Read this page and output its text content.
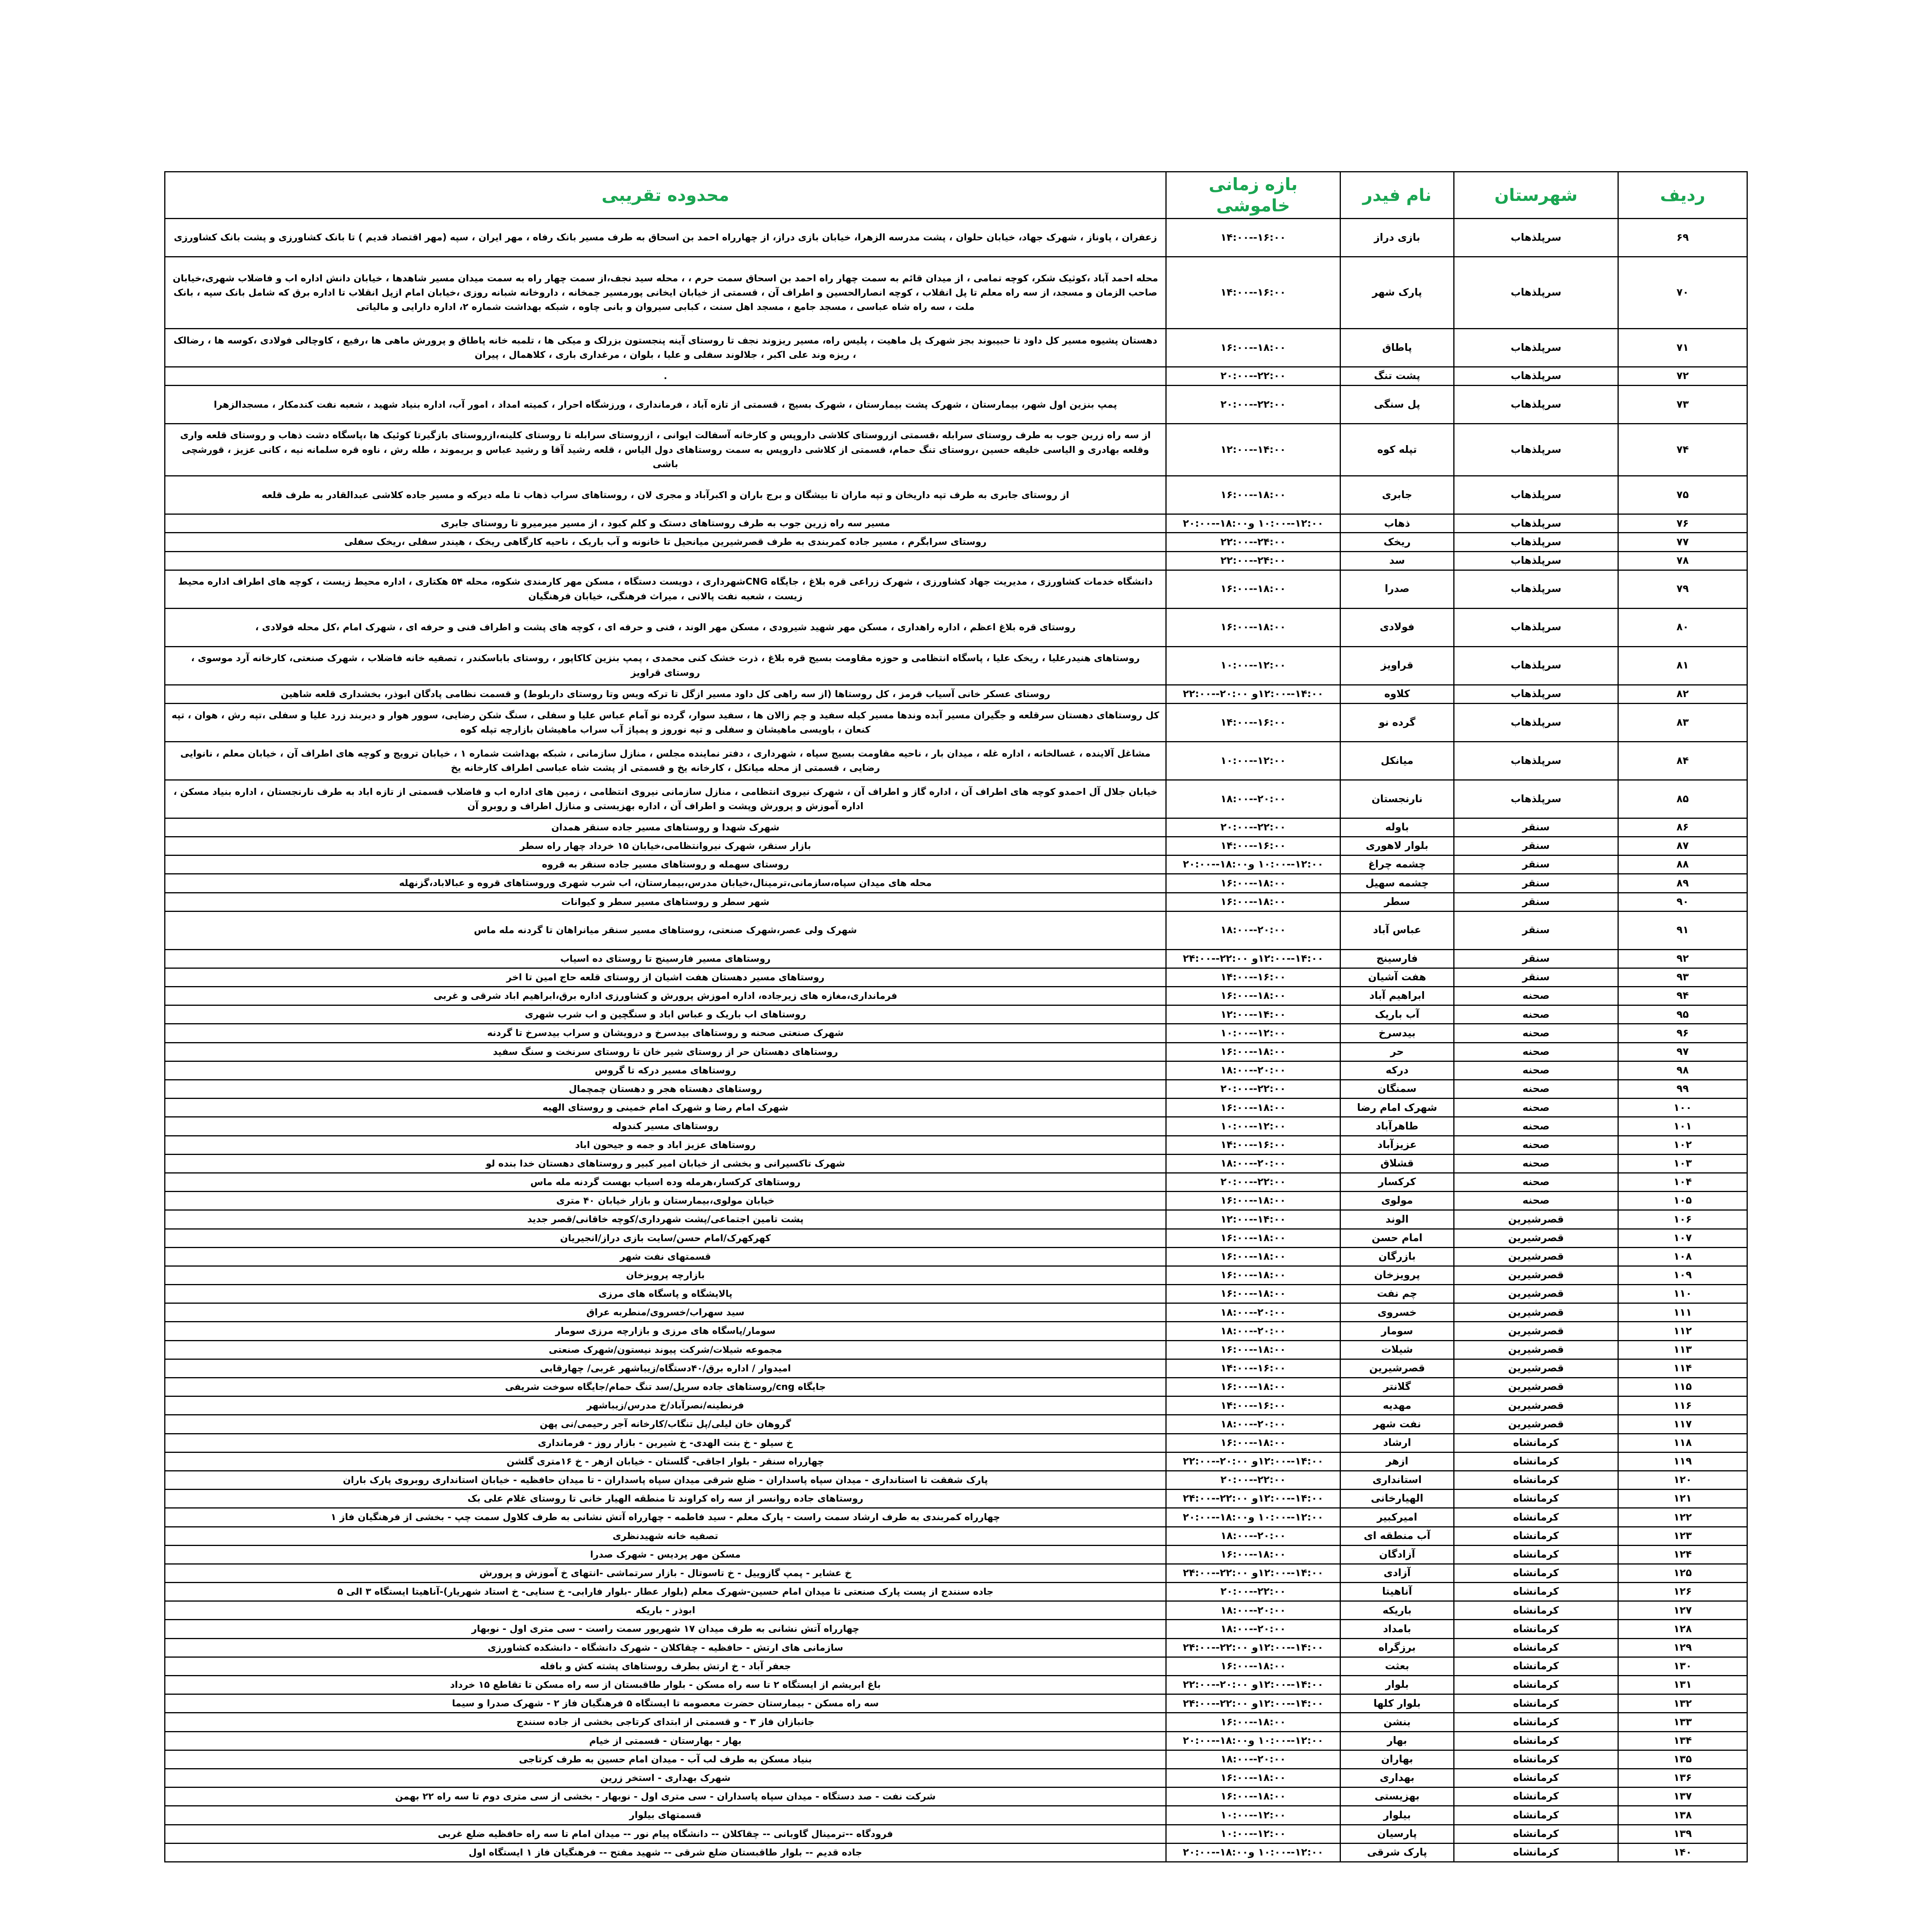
ردیف	شهرستان	نام فیدر	بازه زمانی خاموشی	محدوده تقریبی
۶۹	سرپلذهاب	بازی دراز	۱۶:۰۰--۱۴:۰۰	زعفران ، پاوناز ، شهرک جهاد، خیابان حلوان ، پشت مدرسه الزهرا، خیابان بازی دراز، از چهارراه احمد بن اسحاق به طرف مسیر بانک رفاه ، مهر ایران ، سپه (مهر اقتصاد قدیم ) تا بانک کشاورزی و پشت بانک کشاورزی
۷۰	سرپلذهاب	پارک شهر	۱۶:۰۰--۱۴:۰۰	محله احمد آباد ،کوثیک شکر، کوچه تمامی ، از میدان قائم به سمت چهار راه احمد بن اسحاق سمت حرم ، ، محله سید نجف،از سمت چهار راه به سمت میدان مسیر شاهدها ، خیابان دانش اداره اب و فاضلاب شهری،خیابان صاحب الزمان و مسجد، از سه راه معلم تا پل انقلاب ، کوچه انصارالحسین و اطراف آن ، قسمتی از خیابان ایخانی پورمسیر جمخانه ، داروخانه شبانه روزی ،خیابان امام ازپل انقلاب تا اداره برق که شامل بانک سپه ، بانک ملت ، سه راه شاه عباسی ، مسجد جامع ، مسجد اهل سنت ، کبابی سیروان و بانی چاوه ، شبکه بهداشت شماره ۲، اداره دارایی و مالیاتی
۷۱	سرپلذهاب	پاطاق	۱۸:۰۰--۱۶:۰۰	دهستان پشیوه مسیر کل داود تا حبیبوند بجز شهرک پل ماهیت ، پلیس راه، مسیر ریزوند نجف تا روستای آینه پنجستون بزرلک و میکی ها ، تلمبه خانه پاطاق و پرورش ماهی ها ،رفیع ، کاوچالی فولادی ،کوسه ها ، رضالک ، ریزه وند علی اکبر ، جلالوند سفلی و علیا ، بلوان ، مرغداری باری ، کلاهمال ، پیران
۷۲	سرپلذهاب	پشت تنگ	۲۲:۰۰--۲۰:۰۰	.
۷۳	سرپلذهاب	پل سنگی	۲۲:۰۰--۲۰:۰۰	پمپ بنزین اول شهر، بیمارستان ، شهرک پشت بیمارستان ، شهرک بسیج ، قسمتی از تازه آباد ، فرمانداری ، ورزشگاه احرار ، کمیته امداد ، امور آب، اداره بنیاد شهید ، شعبه نفت کندمکار ، مسجدالزهرا
۷۴	سرپلذهاب	تپله کوه	۱۴:۰۰--۱۲:۰۰	از سه راه زرین جوب به طرف روستای سرابله ،قسمتی ازروستای کلاشی داروپس و کارخانه آسفالت ایوانی ، ازروستای سرابله تا روستای کلینه،ازروستای بازگیرتا کوئیک ها ،پاسگاه دشت ذهاب و روستای قلعه واری وقلعه بهادری و الیاسی خلیفه حسین ،روستای تنگ حمام، قسمتی از کلاشی داروپس به سمت روستاهای دول الیاس ، قلعه رشید آقا و رشید عباس و بریموند ، طله رش ، ناوه قره سلمانه نیه ، کانی عزیز ، قورشچی باشی
۷۵	سرپلذهاب	جابری	۱۸:۰۰--۱۶:۰۰	از روستای جابری به طرف تپه داریخان و تپه ماران تا بیشگان و برج باران و اکبرآباد و مجری لان ، روستاهای سراب ذهاب تا مله دیرکه و مسیر جاده کلاشی عبدالقادر به طرف قلعه
۷۶	سرپلذهاب	ذهاب	۱۲:۰۰--۱۰:۰۰ و۱۸:۰۰--۲۰:۰۰	مسیر سه راه زرین جوب به طرف روستاهای دستک و کلم کبود ، از مسیر میرمیرو تا روستای جابری
۷۷	سرپلذهاب	ریخک	۲۴:۰۰--۲۲:۰۰	روستای سرابگرم ، مسیر جاده کمربندی به طرف قصرشیرین میانحیل تا خانونه و آب باریک ، ناحیه کارگاهی ریخک ، هیندر سفلی ،ریخک سفلی
۷۸	سرپلذهاب	سد	۲۴:۰۰--۲۲:۰۰	
۷۹	سرپلذهاب	صدرا	۱۸:۰۰--۱۶:۰۰	دانشگاه خدمات کشاورزی ، مدیریت جهاد کشاورزی ، شهرک زراعی قره بلاغ ، جایگاه CNGشهرداری ، دویست دستگاه ، مسکن مهر کارمندی شکوه، محله ۵۴ هکتاری ، اداره محیط زیست ، کوچه های اطراف اداره محیط زیست ، شعبه نفت پالانی ، میراث فرهنگی، خیابان فرهنگیان
۸۰	سرپلذهاب	فولادی	۱۸:۰۰--۱۶:۰۰	روستای قره بلاغ اعظم ، اداره راهداری ، مسکن مهر شهید شیرودی ، مسکن مهر الوند ، فنی و حرفه ای ، کوچه های پشت و اطراف فنی و حرفه ای ، شهرک امام ،کل محله فولادی ،
۸۱	سرپلذهاب	قراویز	۱۲:۰۰--۱۰:۰۰	روستاهای هنیدرعلیا ، ریخک علیا ، پاسگاه انتظامی و حوزه مقاومت بسیج قره بلاغ ، ذرت خشک کنی محمدی ، پمپ بنزین کاکاپور ، روستای باباسکندر ، تصفیه خانه فاضلاب ، شهرک صنعتی، کارخانه آرد موسوی ، روستای قراویز
۸۲	سرپلذهاب	کلاوه	۱۴:۰۰--۱۲:۰۰و ۲۰:۰۰--۲۲:۰۰	روستای عسکر خانی آسیاب قرمز ، کل روستاها (از سه راهی کل داود مسیر ازگل تا ترکه ویس وتا روستای داربلوط) و قسمت نظامی پادگان ابوذر، بخشداری قلعه شاهین
۸۳	سرپلذهاب	گرده نو	۱۶:۰۰--۱۴:۰۰	کل روستاهای دهستان سرقلعه و جگیران مسیر آبده وندها مسیر کیله سفید و چم زالان ها ، سفید سوار، گرده نو آمام عباس علیا و سفلی ، سنگ شکن رضایی، سوور هوار و دیربند زرد علیا و سفلی ،تپه رش ، هوان ، تپه کنعان ، باویسی ماهیشان و سفلی و تپه نوروز و پمپاژ آب سراب ماهیشان بازارچه تپله کوه
۸۴	سرپلذهاب	میانکل	۱۲:۰۰--۱۰:۰۰	مشاغل آلاینده ، غسالخانه ، اداره غله ، میدان بار ، ناحیه مقاومت بسیج سپاه ، شهرداری ، دفتر نماینده مجلس ، منازل سازمانی ، شبکه بهداشت شماره ۱ ، خیابان ترویج و کوچه های اطراف آن ، خیابان معلم ، نانوایی رضایی ، قسمتی از محله میانکل ، کارخانه یخ و قسمتی از پشت شاه عباسی اطراف کارخانه یخ
۸۵	سرپلذهاب	نارنجستان	۲۰:۰۰--۱۸:۰۰	خیابان جلال آل احمدو کوچه های اطراف آن ، اداره گاز و اطراف آن ، شهرک نیروی انتظامی ، منازل سازمانی نیروی انتظامی ، زمین های اداره اب و فاضلاب قسمتی از تازه اباد به طرف نارنجستان ، اداره بنیاد مسکن ، اداره آموزش و پرورش وپشت و اطراف آن ، اداره بهزیستی و منازل اطراف و روبرو آن
۸۶	سنقر	باوله	۲۲:۰۰--۲۰:۰۰	شهرک شهدا و روستاهای مسیر جاده سنقر همدان
۸۷	سنقر	بلوار لاهوری	۱۶:۰۰--۱۴:۰۰	بازار سنقر، شهرک نیروانتظامی،خیابان ۱۵ خرداد چهار راه سطر
۸۸	سنقر	چشمه چراغ	۱۲:۰۰--۱۰:۰۰ و۱۸:۰۰--۲۰:۰۰	روستای سهمله و روستاهای مسیر جاده سنقر به قروه
۸۹	سنقر	چشمه سهیل	۱۸:۰۰--۱۶:۰۰	محله های میدان سپاه،سازمانی،ترمینال،خیابان مدرس،بیمارستان، اب شرب شهری وروستاهای قروه و عبالاباد،گزنهله
۹۰	سنقر	سطر	۱۸:۰۰--۱۶:۰۰	شهر سطر و روستاهای مسیر سطر و کیوانات
۹۱	سنقر	عباس آباد	۲۰:۰۰--۱۸:۰۰	شهرک ولی عصر،شهرک صنعتی، روستاهای مسیر سنقر میانراهان تا گردنه مله ماس
۹۲	سنقر	فارسینج	۱۴:۰۰--۱۲:۰۰و ۲۲:۰۰--۲۴:۰۰	روستاهای مسیر فارسینج تا روستای ده اسیاب
۹۳	سنقر	هفت آشیان	۱۶:۰۰--۱۴:۰۰	روستاهای مسیر دهستان هفت اشیان از روستای قلعه حاج امین تا اخر
۹۴	صحنه	ابراهیم آباد	۱۸:۰۰--۱۶:۰۰	فرمانداری،مغازه های زیرجاده، اداره اموزش پرورش و کشاورزی اداره برق،ابراهیم اباد شرقی و غربی
۹۵	صحنه	آب باریک	۱۴:۰۰--۱۲:۰۰	روستاهای اب باریک و عباس اباد و سنگچین و اب شرب شهری
۹۶	صحنه	بیدسرخ	۱۲:۰۰--۱۰:۰۰	شهرک صنعتی صحنه و روستاهای بیدسرخ و درویشان و سراب بیدسرخ تا گردنه
۹۷	صحنه	حر	۱۸:۰۰--۱۶:۰۰	روستاهای دهستان حر از روستای شیر خان تا روستای سرنخت و سنگ سفید
۹۸	صحنه	درکه	۲۰:۰۰--۱۸:۰۰	روستاهای مسیر درکه تا گروس
۹۹	صحنه	سمنگان	۲۲:۰۰--۲۰:۰۰	روستاهای دهستاه هجر و دهستان چمچمال
۱۰۰	صحنه	شهرک امام رضا	۱۸:۰۰--۱۶:۰۰	شهرک امام رضا و شهرک امام خمینی و روستای الهیه
۱۰۱	صحنه	طاهرآباد	۱۲:۰۰--۱۰:۰۰	روستاهای مسیر کندوله
۱۰۲	صحنه	عزیزآباد	۱۶:۰۰--۱۴:۰۰	روستاهای عزیز اباد و جمه و جیحون اباد
۱۰۳	صحنه	قشلاق	۲۰:۰۰--۱۸:۰۰	شهرک تاکسیرانی و بخشی از خیابان امیر کبیر و روستاهای دهستان خدا بنده لو
۱۰۴	صحنه	کرکسار	۲۲:۰۰--۲۰:۰۰	روستاهای کرکسار،هرمله وده اسیاب بهست گردنه مله ماس
۱۰۵	صحنه	مولوی	۱۸:۰۰--۱۶:۰۰	خیابان مولوی،بیمارستان و بازار خیابان ۴۰ متری
۱۰۶	قصرشیرین	الوند	۱۴:۰۰--۱۲:۰۰	پشت تامین اجتماعی/پشت شهرداری/کوچه خاقانی/قصر جدید
۱۰۷	قصرشیرین	امام حسن	۱۸:۰۰--۱۶:۰۰	کهرکهرک/امام حسن/سایت بازی دراز/انجیریان
۱۰۸	قصرشیرین	بازرگان	۱۸:۰۰--۱۶:۰۰	قسمتهای نفت شهر
۱۰۹	قصرشیرین	پرویزخان	۱۸:۰۰--۱۶:۰۰	بازارچه پرویزخان
۱۱۰	قصرشیرین	چم نفت	۱۸:۰۰--۱۶:۰۰	پالایشگاه و پاسگاه های مرزی
۱۱۱	قصرشیرین	خسروی	۲۰:۰۰--۱۸:۰۰	سید سهراب/خسروی/منطربه عراق
۱۱۲	قصرشیرین	سومار	۲۰:۰۰--۱۸:۰۰	سومار/پاسگاه های مرزی و بازارچه مرزی سومار
۱۱۳	قصرشیرین	شیلات	۱۸:۰۰--۱۶:۰۰	مجموعه شیلات/شرکت پیوند نیستون/شهرک صنعتی
۱۱۴	قصرشیرین	قصرشیرین	۱۶:۰۰--۱۴:۰۰	امیدوار / اداره برق/۴۰دستگاه/زیباشهر غربی/ چهارقابی
۱۱۵	قصرشیرین	گلانتر	۱۸:۰۰--۱۶:۰۰	جایگاه cng/روستاهای جاده سرپل/سد تنگ حمام/جایگاه سوخت شریفی
۱۱۶	قصرشیرین	مهدیه	۱۶:۰۰--۱۴:۰۰	فرنطینه/نصرآباد/خ مدرس/زیباشهر
۱۱۷	قصرشیرین	نفت شهر	۲۰:۰۰--۱۸:۰۰	گروهان خان لیلی/پل تنگاب/کارخانه آجر رحیمی/نی پهن
۱۱۸	کرمانشاه	ارشاد	۱۸:۰۰--۱۶:۰۰	خ سیلو - خ بنت الهدی- خ شیرین - بازار روز - فرمانداری
۱۱۹	کرمانشاه	ازهر	۱۴:۰۰--۱۲:۰۰و ۲۰:۰۰--۲۲:۰۰	چهارراه سنقر - بلوار اجاقی- گلستان - خیابان ازهر - خ ۱۶متری گلشن
۱۲۰	کرمانشاه	استانداری	۲۲:۰۰--۲۰:۰۰	پارک شفقت تا استانداری - میدان سپاه پاسداران - ضلع شرقی میدان سپاه پاسداران - تا میدان حافظیه - خیابان استانداری روبروی پارک باران
۱۲۱	کرمانشاه	الهیارخانی	۱۴:۰۰--۱۲:۰۰و ۲۲:۰۰--۲۴:۰۰	روستاهای جاده روانسر از سه راه کراوند تا منطقه الهیار خانی تا روستای غلام علی بک
۱۲۲	کرمانشاه	امیرکبیر	۱۲:۰۰--۱۰:۰۰ و۱۸:۰۰--۲۰:۰۰	چهارراه کمربندی به طرف ارشاد سمت راست - پارک معلم - سید فاطمه - چهارراه آتش نشانی به طرف کلاول سمت چپ - بخشی از فرهنگیان فاز ۱
۱۲۳	کرمانشاه	آب منطقه ای	۲۰:۰۰--۱۸:۰۰	تصفیه خانه شهیدنظری
۱۲۴	کرمانشاه	آزادگان	۱۸:۰۰--۱۶:۰۰	مسکن مهر پردیس - شهرک صدرا
۱۲۵	کرمانشاه	آزادی	۱۴:۰۰--۱۲:۰۰و ۲۲:۰۰--۲۴:۰۰	خ عشایر - پمپ گازوییل - خ تاسوتال - بازار سرتماشی -انتهای خ آموزش و پرورش
۱۲۶	کرمانشاه	آناهیتا	۲۲:۰۰--۲۰:۰۰	جاده سنندج از پست پارک صنعتی تا میدان امام حسین-شهرک معلم (بلوار عطار -بلوار فارابی- خ سنایی- خ استاد شهریار)-آناهیتا ایستگاه ۳ الی ۵
۱۲۷	کرمانشاه	باریکه	۲۰:۰۰--۱۸:۰۰	ابوذر - باریکه
۱۲۸	کرمانشاه	بامداد	۲۰:۰۰--۱۸:۰۰	چهارراه آتش نشانی به طرف میدان ۱۷ شهریور سمت راست - سی متری اول - نوبهار
۱۲۹	کرمانشاه	برزگراه	۱۴:۰۰--۱۲:۰۰و ۲۲:۰۰--۲۴:۰۰	سازمانی های ارتش - حافظیه - چقاکلان - شهرک دانشگاه - دانشکده کشاورزی
۱۳۰	کرمانشاه	بعثت	۱۸:۰۰--۱۶:۰۰	جعفر آباد - خ ارتش بطرف روستاهای پشته کش و بافله
۱۳۱	کرمانشاه	بلوار	۱۴:۰۰--۱۲:۰۰و ۲۰:۰۰--۲۲:۰۰	باغ ابریشم از ایستگاه ۲ تا سه راه مسکن - بلوار طاقبستان از سه راه مسکن تا تقاطع ۱۵ خرداد
۱۳۲	کرمانشاه	بلوار کلها	۱۴:۰۰--۱۲:۰۰و ۲۲:۰۰--۲۴:۰۰	سه راه مسکن - بیمارستان حضرت معصومه تا ایستگاه ۵ فرهنگیان فاز ۲ - شهرک صدرا و سیما
۱۳۳	کرمانشاه	بنشن	۱۸:۰۰--۱۶:۰۰	جانبازان فاز ۳ - و قسمتی از ابتدای کرتاجی بخشی از جاده سنندج
۱۳۴	کرمانشاه	بهار	۱۲:۰۰--۱۰:۰۰ و۱۸:۰۰--۲۰:۰۰	بهار - بهارستان - قسمتی از خیام
۱۳۵	کرمانشاه	بهاران	۲۰:۰۰--۱۸:۰۰	بنیاد مسکن به طرف لب آب - میدان امام حسین به طرف کرتاجی
۱۳۶	کرمانشاه	بهداری	۱۸:۰۰--۱۶:۰۰	شهرک بهداری - استخر زرین
۱۳۷	کرمانشاه	بهزیستی	۱۸:۰۰--۱۶:۰۰	شرکت نفت - صد دستگاه - میدان سپاه پاسداران - سی متری اول - نوبهار - بخشی از سی متری دوم تا سه راه ۲۲ بهمن
۱۳۸	کرمانشاه	بیلوار	۱۲:۰۰--۱۰:۰۰	قسمتهای بیلوار
۱۳۹	کرمانشاه	پارسیان	۱۲:۰۰--۱۰:۰۰	فرودگاه --ترمینال گاوبانی -- چقاکلان -- دانشگاه پیام نور -- میدان امام تا سه راه حافظیه ضلع غربی
۱۴۰	کرمانشاه	پارک شرقی	۱۲:۰۰--۱۰:۰۰ و۱۸:۰۰--۲۰:۰۰	جاده قدیم -- بلوار طاقبستان ضلع شرقی -- شهید مفتح -- فرهنگیان فاز ۱ ایستگاه اول
